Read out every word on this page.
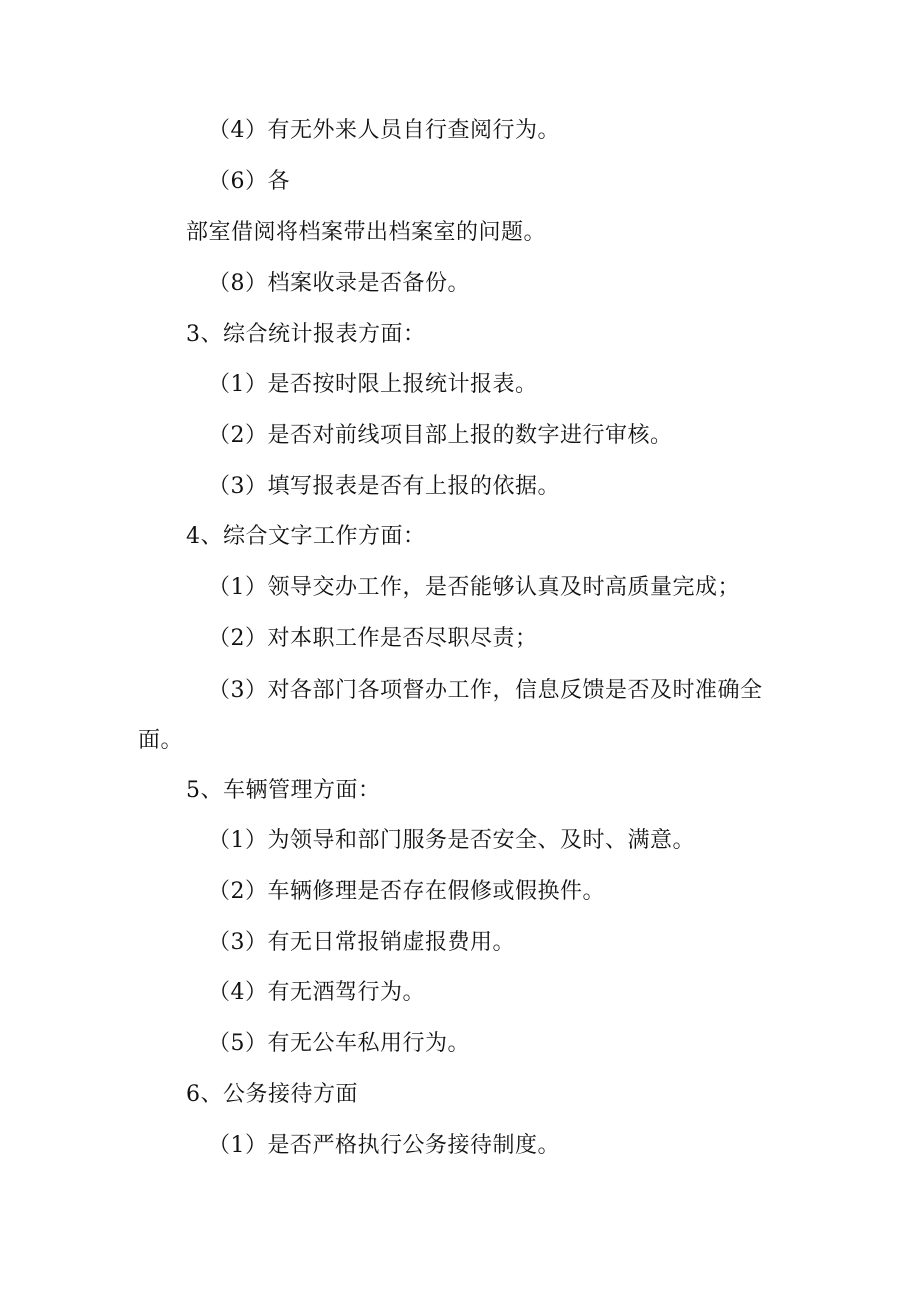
（4）有无外来人员自行查阅行为。
（6）各
部室借阅将档案带出档案室的问题。
（8）档案收录是否备份。
3、综合统计报表方面：
（1）是否按时限上报统计报表。
（2）是否对前线项目部上报的数字进行审核。
（3）填写报表是否有上报的依据。
4、综合文字工作方面：
（1）领导交办工作，是否能够认真及时高质量完成；
（2）对本职工作是否尽职尽责；
（3）对各部门各项督办工作，信息反馈是否及时准确全
面。
5、车辆管理方面：
（1）为领导和部门服务是否安全、及时、满意。
（2）车辆修理是否存在假修或假换件。
（3）有无日常报销虚报费用。
（4）有无酒驾行为。
（5）有无公车私用行为。
6、公务接待方面
（1）是否严格执行公务接待制度。
